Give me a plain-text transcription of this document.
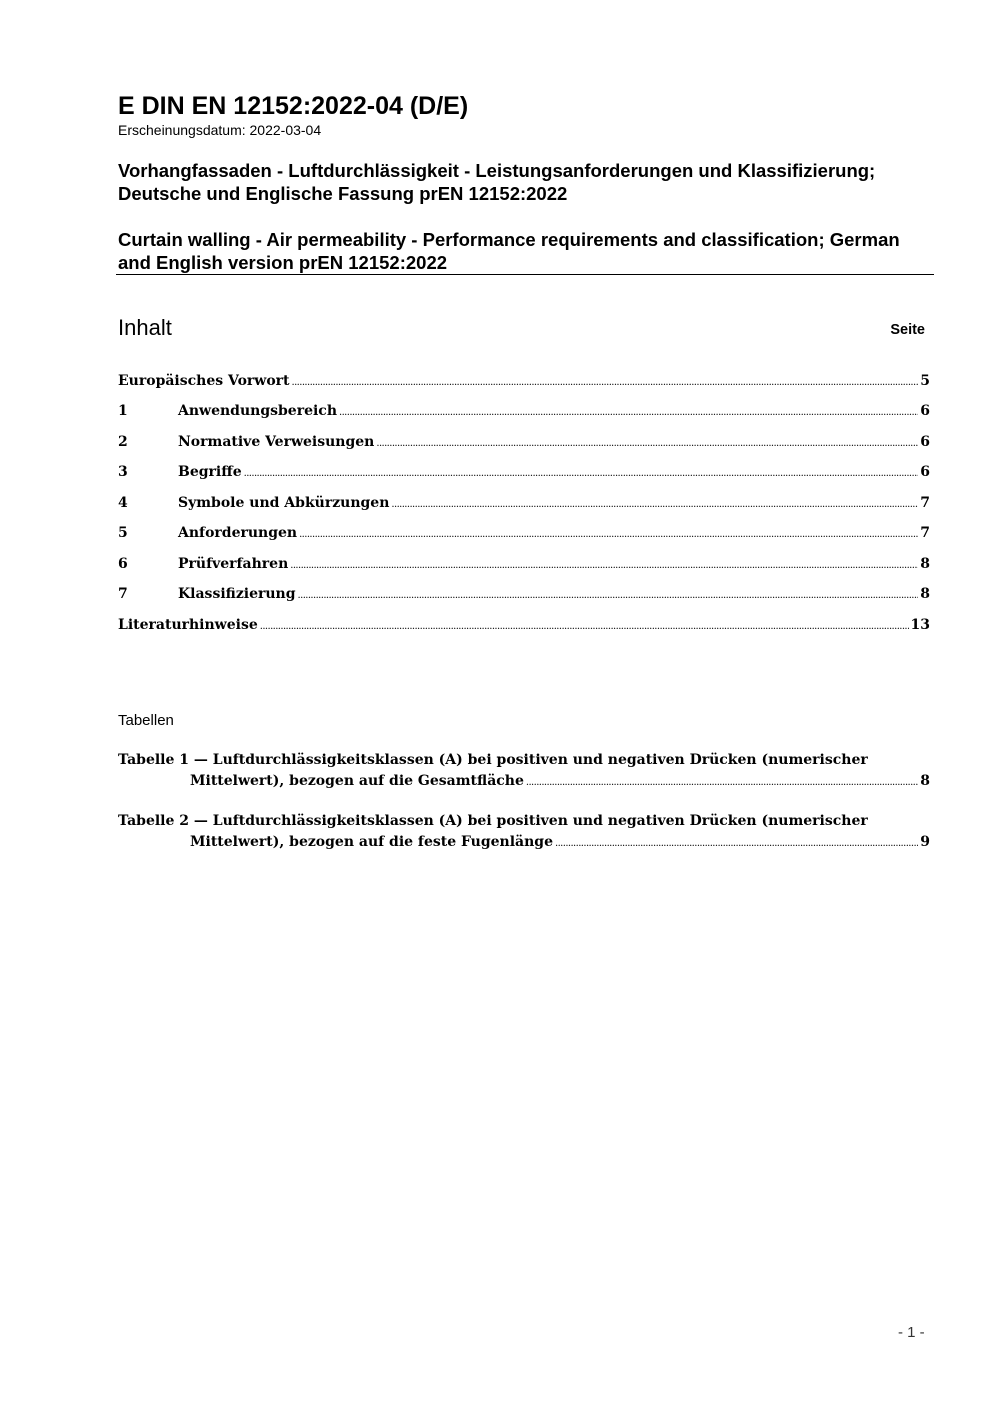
E DIN EN 12152:2022-04 (D/E)
Erscheinungsdatum: 2022-03-04
Vorhangfassaden - Luftdurchlässigkeit - Leistungsanforderungen und Klassifizierung; Deutsche und Englische Fassung prEN 12152:2022
Curtain walling - Air permeability - Performance requirements and classification; German and English version prEN 12152:2022
Inhalt	Seite
Europäisches Vorwort .....	5
1	Anwendungsbereich .....	6
2	Normative Verweisungen .....	6
3	Begriffe .....	6
4	Symbole und Abkürzungen .....	7
5	Anforderungen .....	7
6	Prüfverfahren .....	8
7	Klassifizierung .....	8
Literaturhinweise .....	13
Tabellen
Tabelle 1 — Luftdurchlässigkeitsklassen (A) bei positiven und negativen Drücken (numerischer
Mittelwert), bezogen auf die Gesamtfläche .....	8
Tabelle 2 — Luftdurchlässigkeitsklassen (A) bei positiven und negativen Drücken (numerischer
Mittelwert), bezogen auf die feste Fugenlänge .....	9
- 1 -
